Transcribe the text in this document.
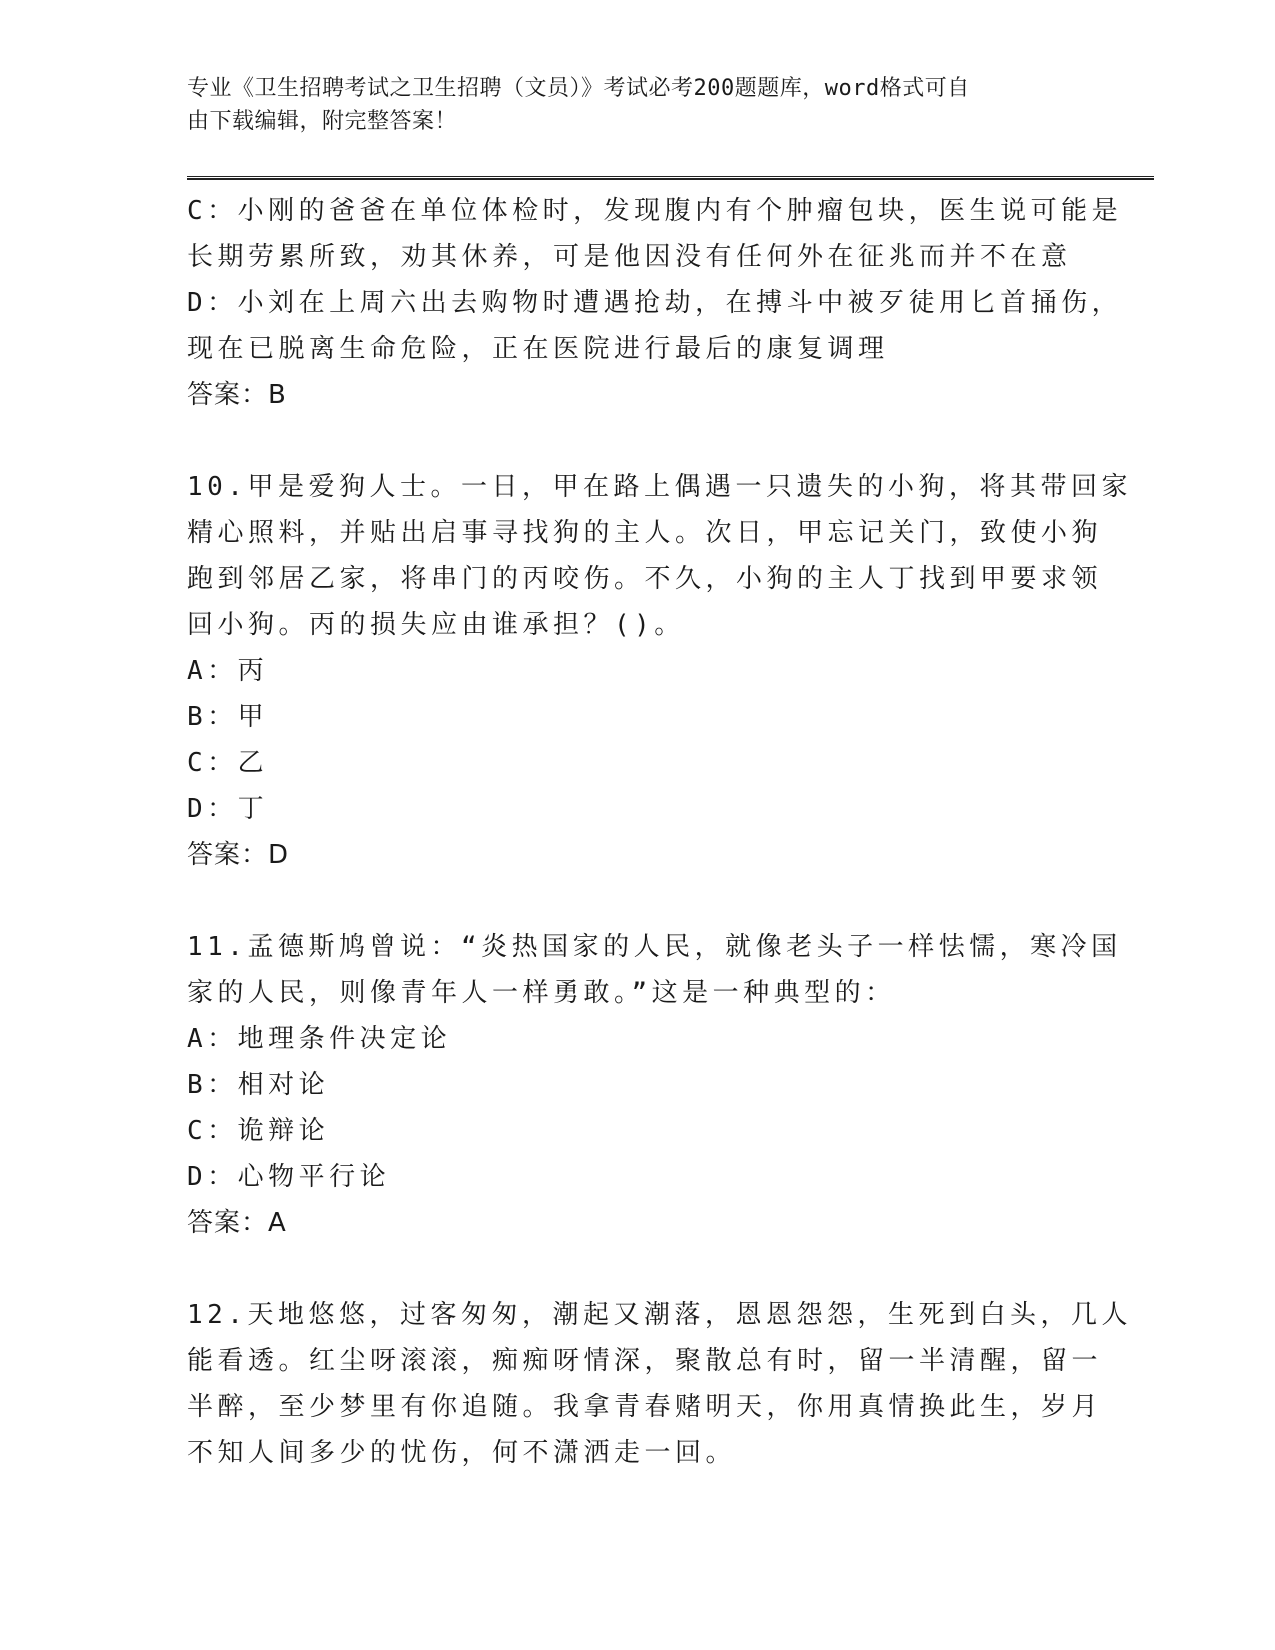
专业《卫生招聘考试之卫生招聘（文员）》考试必考200题题库，word格式可自
由下载编辑，附完整答案！
C：小刚的爸爸在单位体检时，发现腹内有个肿瘤包块，医生说可能是
长期劳累所致，劝其休养，可是他因没有任何外在征兆而并不在意
D：小刘在上周六出去购物时遭遇抢劫，在搏斗中被歹徒用匕首捅伤，
现在已脱离生命危险，正在医院进行最后的康复调理
答案：B
10.甲是爱狗人士。一日，甲在路上偶遇一只遗失的小狗，将其带回家
精心照料，并贴出启事寻找狗的主人。次日，甲忘记关门，致使小狗
跑到邻居乙家，将串门的丙咬伤。不久，小狗的主人丁找到甲要求领
回小狗。丙的损失应由谁承担？()。
A：丙
B：甲
C：乙
D：丁
答案：D
11.孟德斯鸠曾说：“炎热国家的人民，就像老头子一样怯懦，寒冷国
家的人民，则像青年人一样勇敢。”这是一种典型的：
A：地理条件决定论
B：相对论
C：诡辩论
D：心物平行论
答案：A
12.天地悠悠，过客匆匆，潮起又潮落，恩恩怨怨，生死到白头，几人
能看透。红尘呀滚滚，痴痴呀情深，聚散总有时，留一半清醒，留一
半醉，至少梦里有你追随。我拿青春赌明天，你用真情换此生，岁月
不知人间多少的忧伤，何不潇洒走一回。
